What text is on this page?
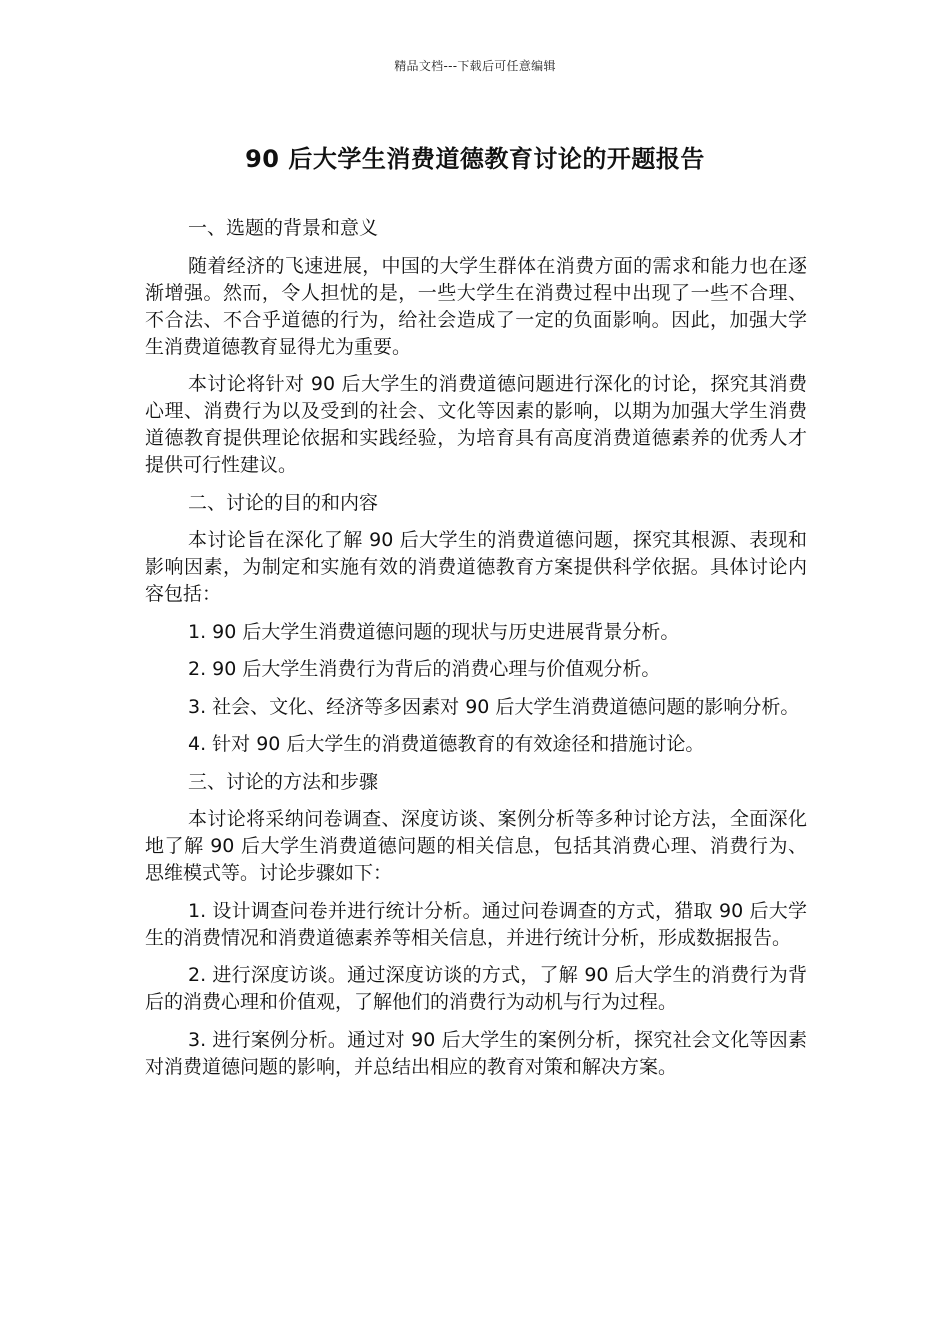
精品文档---下载后可任意编辑
90 后大学生消费道德教育讨论的开题报告

一、选题的背景和意义

随着经济的飞速进展，中国的大学生群体在消费方面的需求和能力也在逐渐增强。然而，令人担忧的是，一些大学生在消费过程中出现了一些不合理、不合法、不合乎道德的行为，给社会造成了一定的负面影响。因此，加强大学生消费道德教育显得尤为重要。

本讨论将针对 90 后大学生的消费道德问题进行深化的讨论，探究其消费心理、消费行为以及受到的社会、文化等因素的影响，以期为加强大学生消费道德教育提供理论依据和实践经验，为培育具有高度消费道德素养的优秀人才提供可行性建议。

二、讨论的目的和内容

本讨论旨在深化了解 90 后大学生的消费道德问题，探究其根源、表现和影响因素，为制定和实施有效的消费道德教育方案提供科学依据。具体讨论内容包括：

1. 90 后大学生消费道德问题的现状与历史进展背景分析。

2. 90 后大学生消费行为背后的消费心理与价值观分析。

3. 社会、文化、经济等多因素对 90 后大学生消费道德问题的影响分析。

4. 针对 90 后大学生的消费道德教育的有效途径和措施讨论。

三、讨论的方法和步骤

本讨论将采纳问卷调查、深度访谈、案例分析等多种讨论方法，全面深化地了解 90 后大学生消费道德问题的相关信息，包括其消费心理、消费行为、思维模式等。讨论步骤如下：

1. 设计调查问卷并进行统计分析。通过问卷调查的方式，猎取 90 后大学生的消费情况和消费道德素养等相关信息，并进行统计分析，形成数据报告。

2. 进行深度访谈。通过深度访谈的方式，了解 90 后大学生的消费行为背后的消费心理和价值观，了解他们的消费行为动机与行为过程。

3. 进行案例分析。通过对 90 后大学生的案例分析，探究社会文化等因素对消费道德问题的影响，并总结出相应的教育对策和解决方案。
